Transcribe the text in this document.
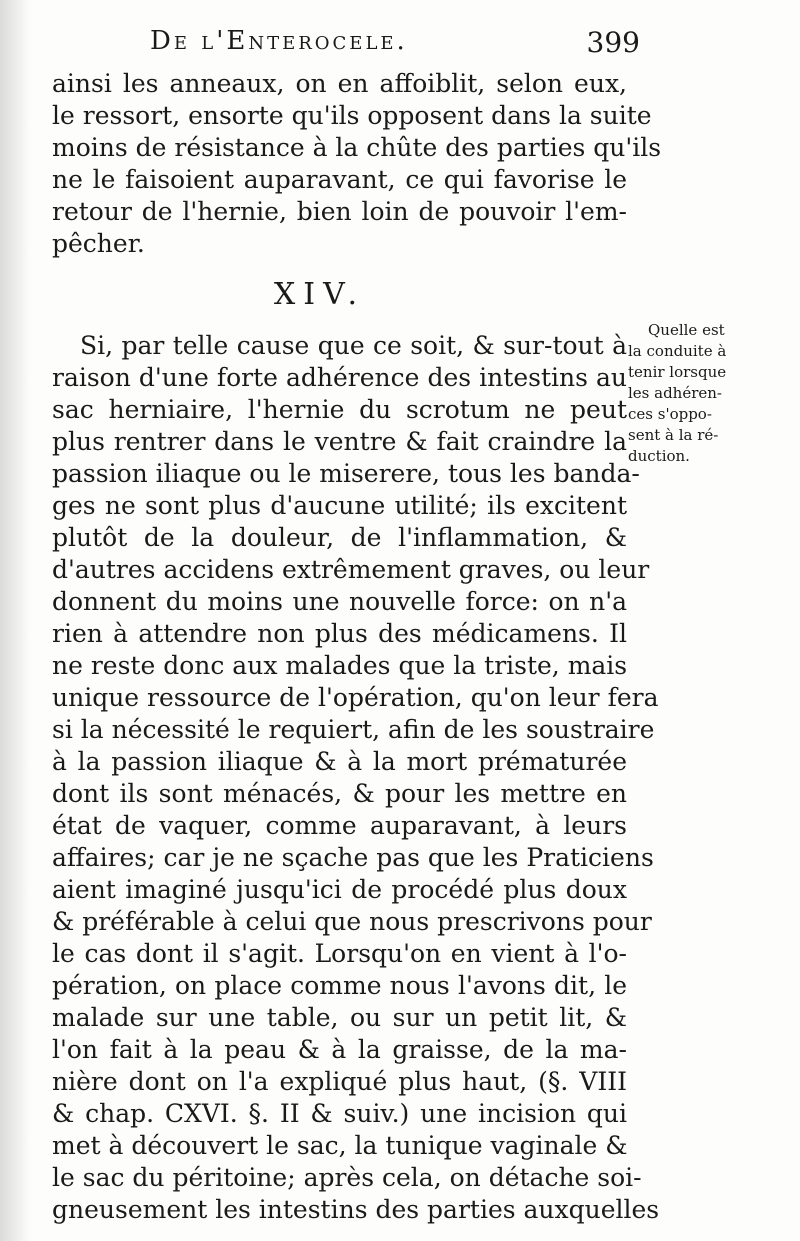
De l'Enterocele.	399
ainsi les anneaux, on en affoiblit, selon eux,
le ressort, ensorte qu'ils opposent dans la suite
moins de résistance à la chûte des parties qu'ils
ne le faisoient auparavant, ce qui favorise le
retour de l'hernie, bien loin de pouvoir l'em-
pêcher.
XIV.
Si, par telle cause que ce soit, & sur-tout à
raison d'une forte adhérence des intestins au
sac herniaire, l'hernie du scrotum ne peut
plus rentrer dans le ventre & fait craindre la
passion iliaque ou le miserere, tous les banda-
ges ne sont plus d'aucune utilité; ils excitent
plutôt de la douleur, de l'inflammation, &
d'autres accidens extrêmement graves, ou leur
donnent du moins une nouvelle force: on n'a
rien à attendre non plus des médicamens. Il
ne reste donc aux malades que la triste, mais
unique ressource de l'opération, qu'on leur fera
si la nécessité le requiert, afin de les soustraire
à la passion iliaque & à la mort prématurée
dont ils sont ménacés, & pour les mettre en
état de vaquer, comme auparavant, à leurs
affaires; car je ne sçache pas que les Praticiens
aient imaginé jusqu'ici de procédé plus doux
& préférable à celui que nous prescrivons pour
le cas dont il s'agit. Lorsqu'on en vient à l'o-
pération, on place comme nous l'avons dit, le
malade sur une table, ou sur un petit lit, &
l'on fait à la peau & à la graisse, de la ma-
nière dont on l'a expliqué plus haut, (§. VIII
& chap. CXVI. §. II & suiv.) une incision qui
met à découvert le sac, la tunique vaginale &
le sac du péritoine; après cela, on détache soi-
gneusement les intestins des parties auxquelles
Quelle est
la conduite à
tenir lorsque
les adhéren-
ces s'oppo-
sent à la ré-
duction.
